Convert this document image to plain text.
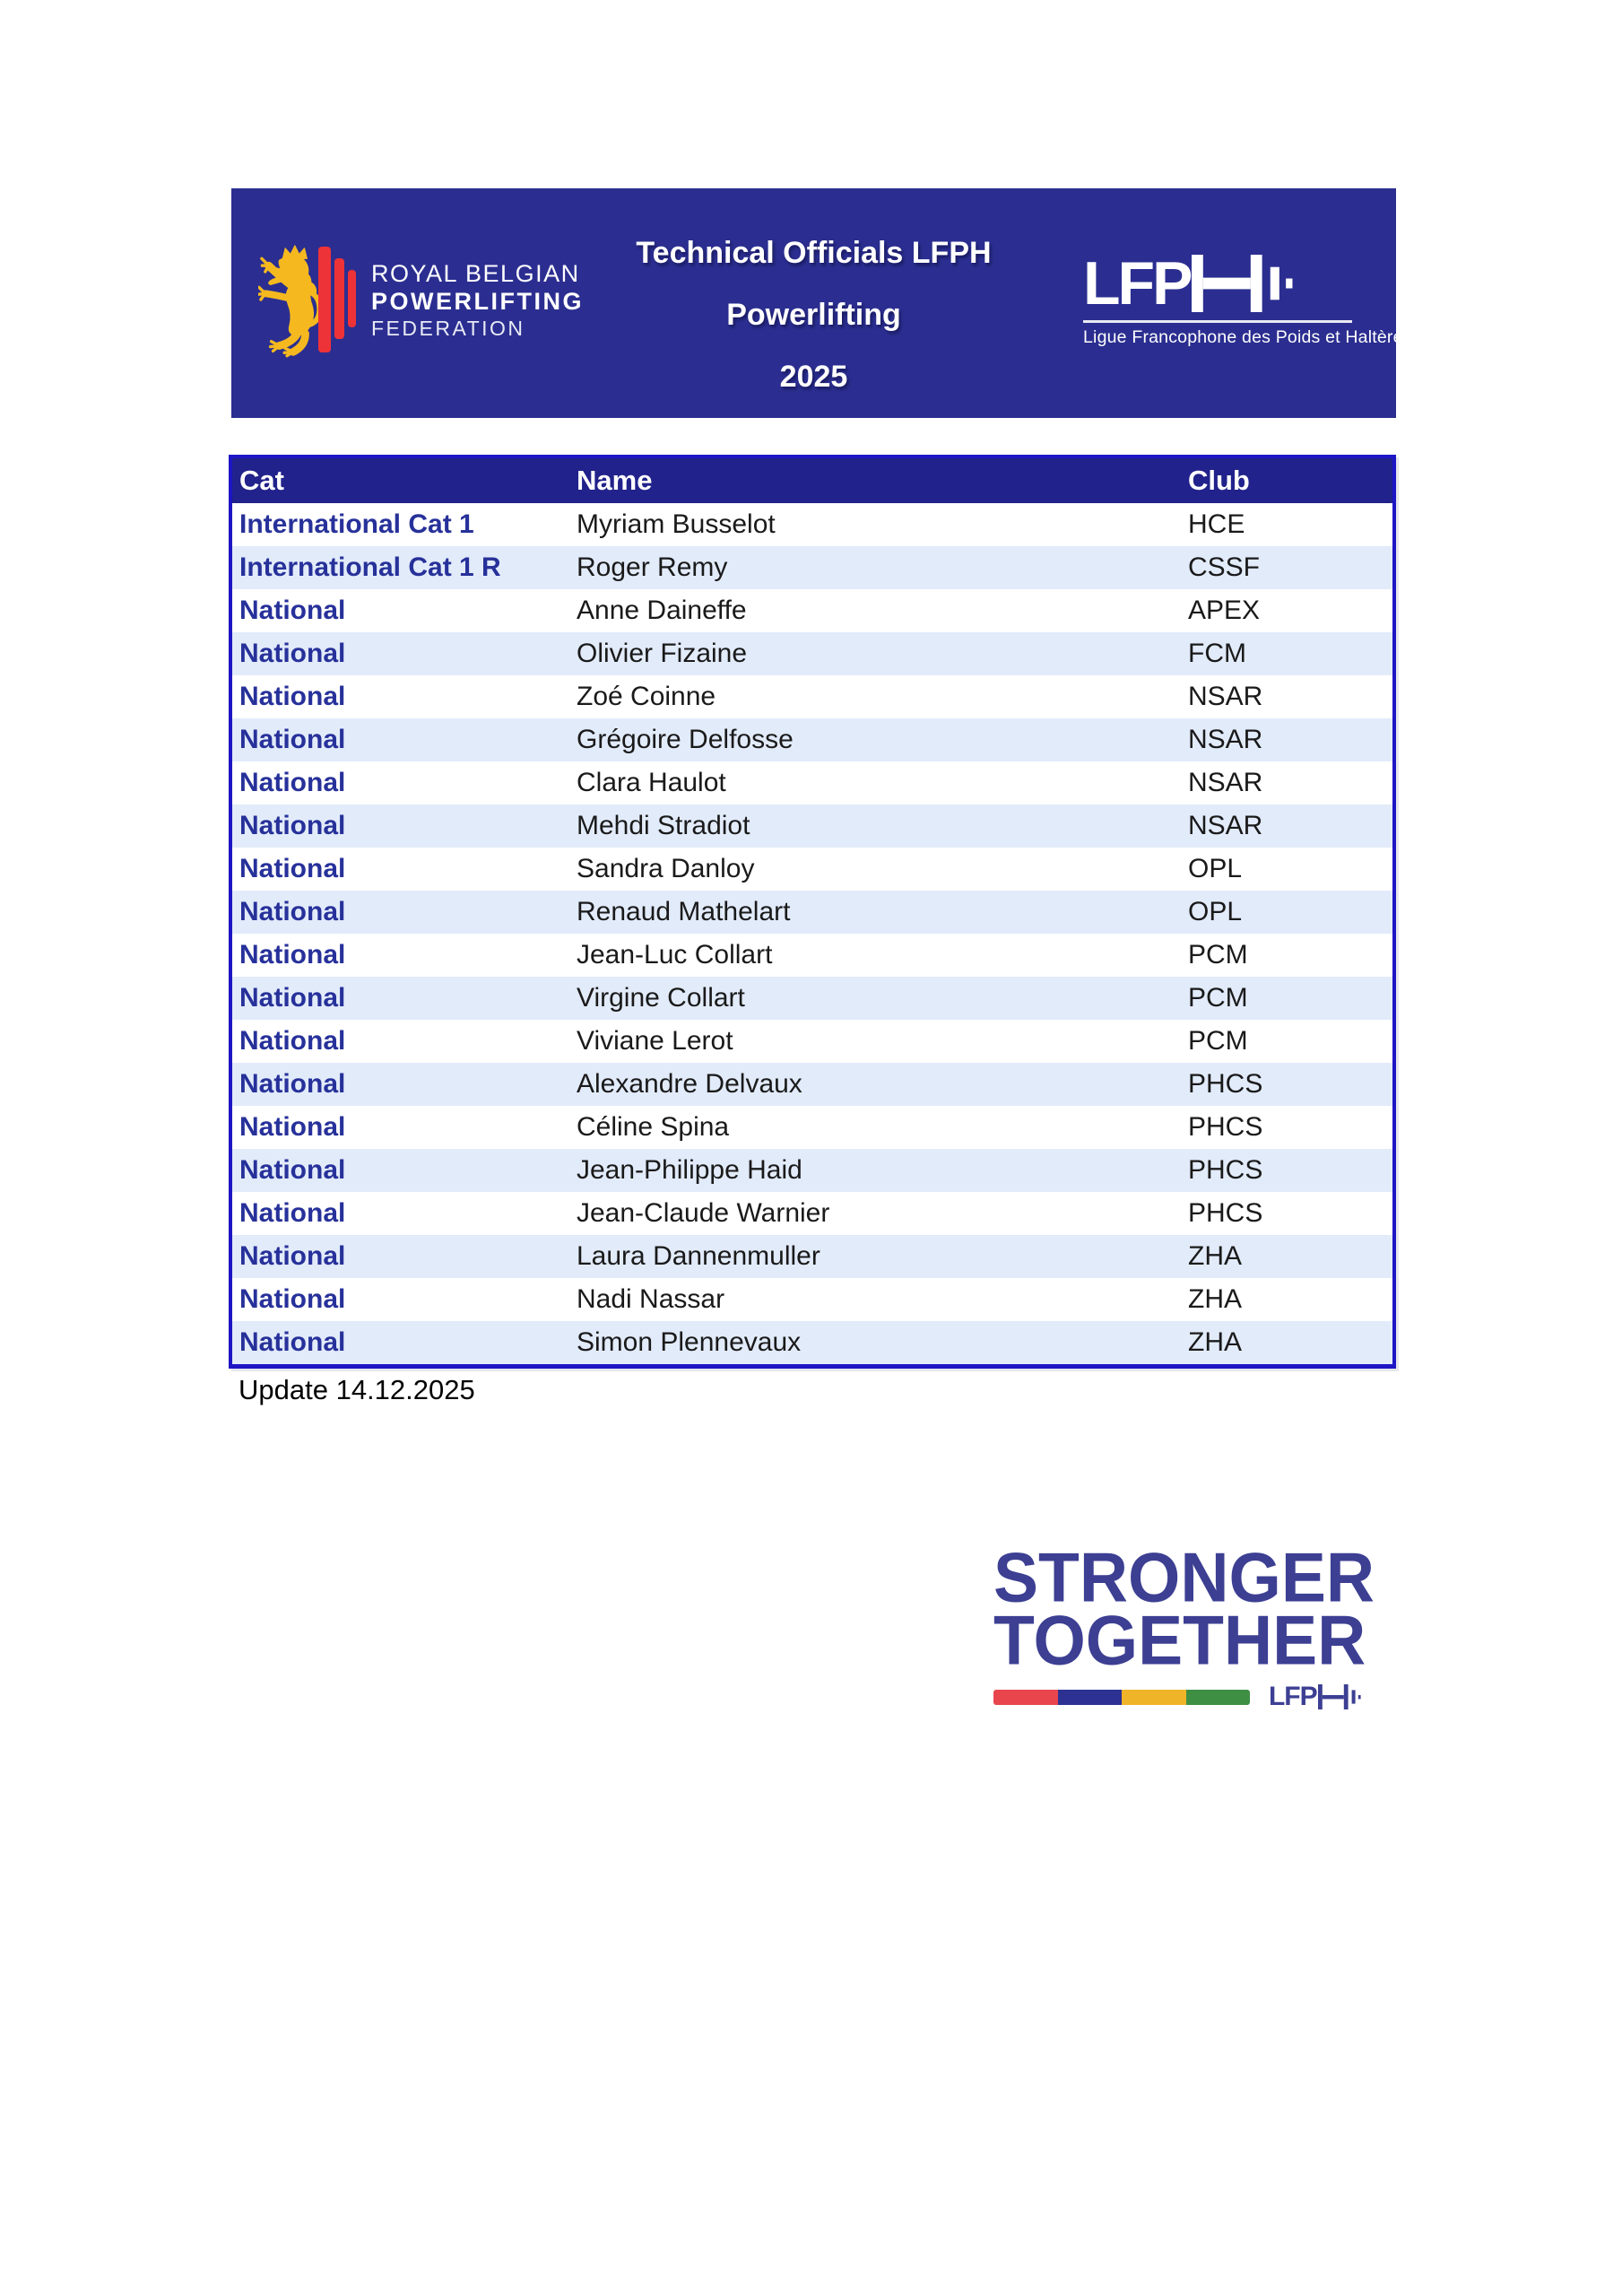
ROYAL BELGIAN
POWERLIFTING
FEDERATION
Technical Officials LFPH
Powerlifting
2025
LFP
Ligue Francophone des Poids et Haltères
Cat	Name	Club
International Cat 1	Myriam Busselot	HCE
International Cat 1 R	Roger Remy	CSSF
National	Anne Daineffe	APEX
National	Olivier Fizaine	FCM
National	Zoé Coinne	NSAR
National	Grégoire Delfosse	NSAR
National	Clara Haulot	NSAR
National	Mehdi Stradiot	NSAR
National	Sandra Danloy	OPL
National	Renaud Mathelart	OPL
National	Jean-Luc Collart	PCM
National	Virgine Collart	PCM
National	Viviane Lerot	PCM
National	Alexandre Delvaux	PHCS
National	Céline Spina	PHCS
National	Jean-Philippe Haid	PHCS
National	Jean-Claude Warnier	PHCS
National	Laura Dannenmuller	ZHA
National	Nadi Nassar	ZHA
National	Simon Plennevaux	ZHA
Update 14.12.2025
STRONGER
TOGETHER
LFP
